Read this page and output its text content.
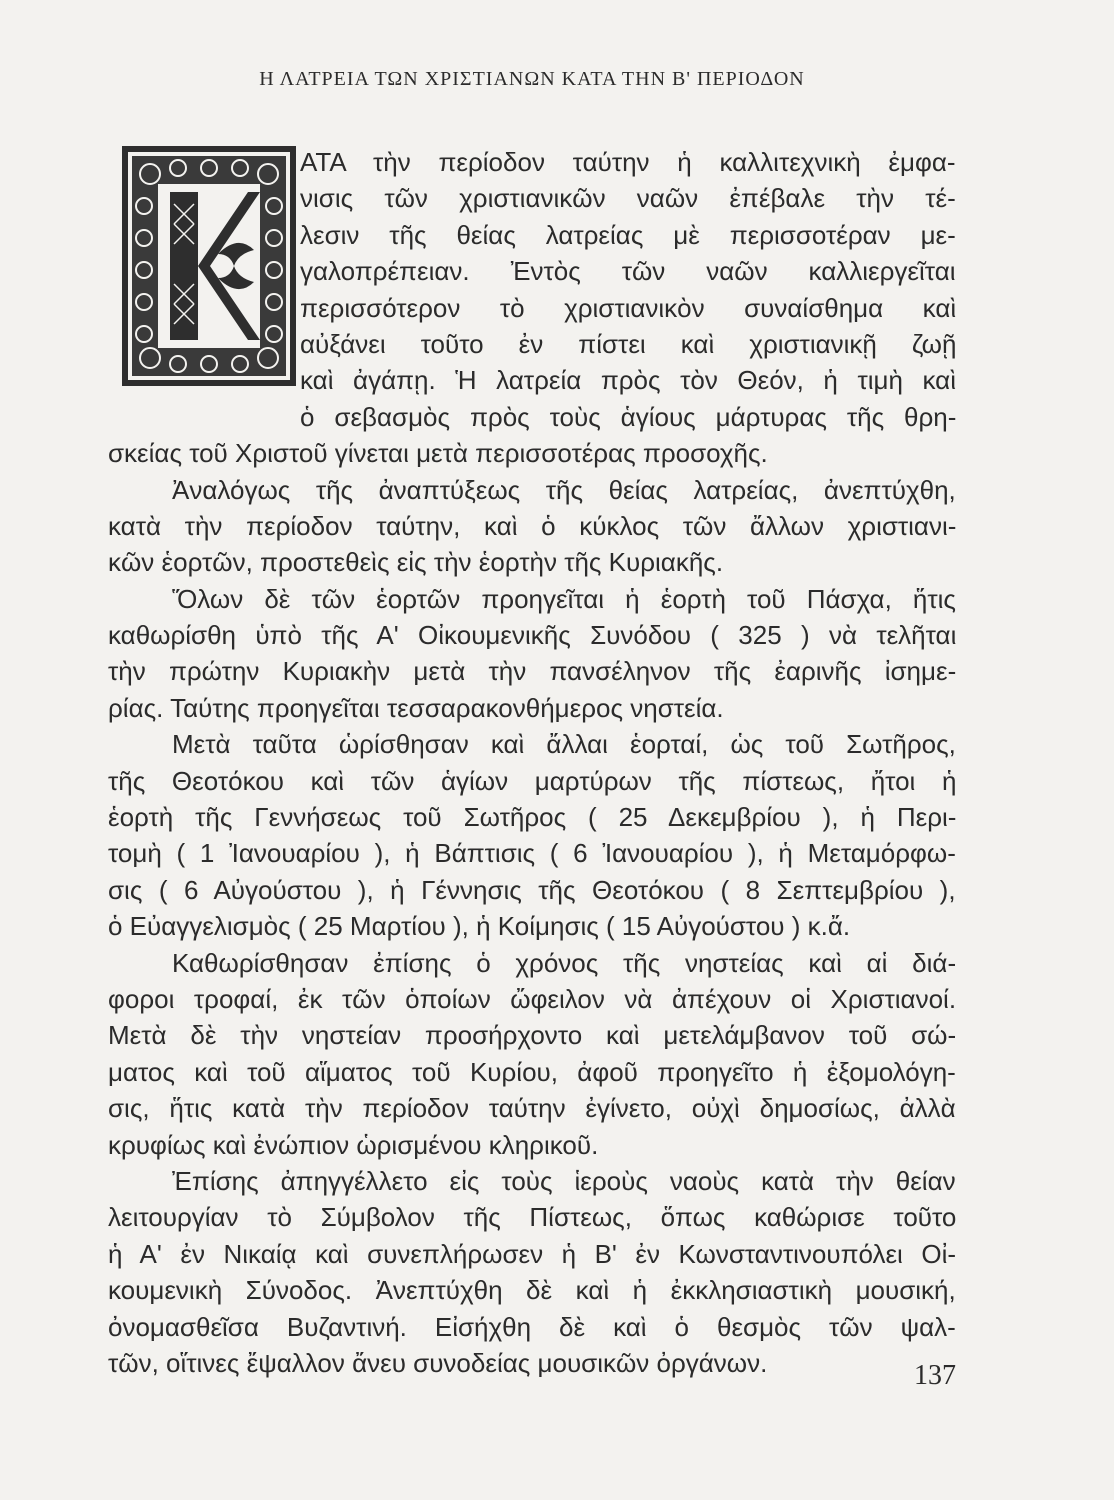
Η ΛΑΤΡΕΙΑ ΤΩΝ ΧΡΙΣΤΙΑΝΩΝ ΚΑΤΑ ΤΗΝ Β' ΠΕΡΙΟΔΟΝ
ΑΤΑ τὴν περίοδον ταύτην ἡ καλλιτεχνικὴ ἐμφα-
νισις τῶν χριστιανικῶν ναῶν ἐπέβαλε τὴν τέ-
λεσιν τῆς θείας λατρείας μὲ περισσοτέραν με-
γαλοπρέπειαν. Ἐντὸς τῶν ναῶν καλλιεργεῖται
περισσότερον τὸ χριστιανικὸν συναίσθημα καὶ
αὐξάνει τοῦτο ἐν πίστει καὶ χριστιανικῇ ζωῇ
καὶ ἀγάπῃ. Ἡ λατρεία πρὸς τὸν Θεόν, ἡ τιμὴ καὶ
ὁ σεβασμὸς πρὸς τοὺς ἁγίους μάρτυρας τῆς θρη-
σκείας τοῦ Χριστοῦ γίνεται μετὰ περισσοτέρας προσοχῆς.
Ἀναλόγως τῆς ἀναπτύξεως τῆς θείας λατρείας, ἀνεπτύχθη,
κατὰ τὴν περίοδον ταύτην, καὶ ὁ κύκλος τῶν ἄλλων χριστιανι-
κῶν ἑορτῶν, προστεθεὶς εἰς τὴν ἑορτὴν τῆς Κυριακῆς.
Ὅλων δὲ τῶν ἑορτῶν προηγεῖται ἡ ἑορτὴ τοῦ Πάσχα, ἥτις
καθωρίσθη ὑπὸ τῆς Α' Οἰκουμενικῆς Συνόδου ( 325 ) νὰ τελῆται
τὴν πρώτην Κυριακὴν μετὰ τὴν πανσέληνον τῆς ἐαρινῆς ἰσημε-
ρίας. Ταύτης προηγεῖται τεσσαρακονθήμερος νηστεία.
Μετὰ ταῦτα ὡρίσθησαν καὶ ἄλλαι ἑορταί, ὡς τοῦ Σωτῆρος,
τῆς Θεοτόκου καὶ τῶν ἁγίων μαρτύρων τῆς πίστεως, ἤτοι ἡ
ἑορτὴ τῆς Γεννήσεως τοῦ Σωτῆρος ( 25 Δεκεμβρίου ), ἡ Περι-
τομὴ ( 1 Ἰανουαρίου ), ἡ Βάπτισις ( 6 Ἰανουαρίου ), ἡ Μεταμόρφω-
σις ( 6 Αὐγούστου ), ἡ Γέννησις τῆς Θεοτόκου ( 8 Σεπτεμβρίου ),
ὁ Εὐαγγελισμὸς ( 25 Μαρτίου ), ἡ Κοίμησις ( 15 Αὐγούστου ) κ.ἄ.
Καθωρίσθησαν ἐπίσης ὁ χρόνος τῆς νηστείας καὶ αἱ διά-
φοροι τροφαί, ἐκ τῶν ὁποίων ὤφειλον νὰ ἀπέχουν οἱ Χριστιανοί.
Μετὰ δὲ τὴν νηστείαν προσήρχοντο καὶ μετελάμβανον τοῦ σώ-
ματος καὶ τοῦ αἵματος τοῦ Κυρίου, ἀφοῦ προηγεῖτο ἡ ἐξομολόγη-
σις, ἥτις κατὰ τὴν περίοδον ταύτην ἐγίνετο, οὐχὶ δημοσίως, ἀλλὰ
κρυφίως καὶ ἐνώπιον ὡρισμένου κληρικοῦ.
Ἐπίσης ἀπηγγέλλετο εἰς τοὺς ἱεροὺς ναοὺς κατὰ τὴν θείαν
λειτουργίαν τὸ Σύμβολον τῆς Πίστεως, ὅπως καθώρισε τοῦτο
ἡ Α' ἐν Νικαίᾳ καὶ συνεπλήρωσεν ἡ Β' ἐν Κωνσταντινουπόλει Οἰ-
κουμενικὴ Σύνοδος. Ἀνεπτύχθη δὲ καὶ ἡ ἐκκλησιαστικὴ μουσική,
ὀνομασθεῖσα Βυζαντινή. Εἰσήχθη δὲ καὶ ὁ θεσμὸς τῶν ψαλ-
τῶν, οἵτινες ἔψαλλον ἄνευ συνοδείας μουσικῶν ὀργάνων.	137
